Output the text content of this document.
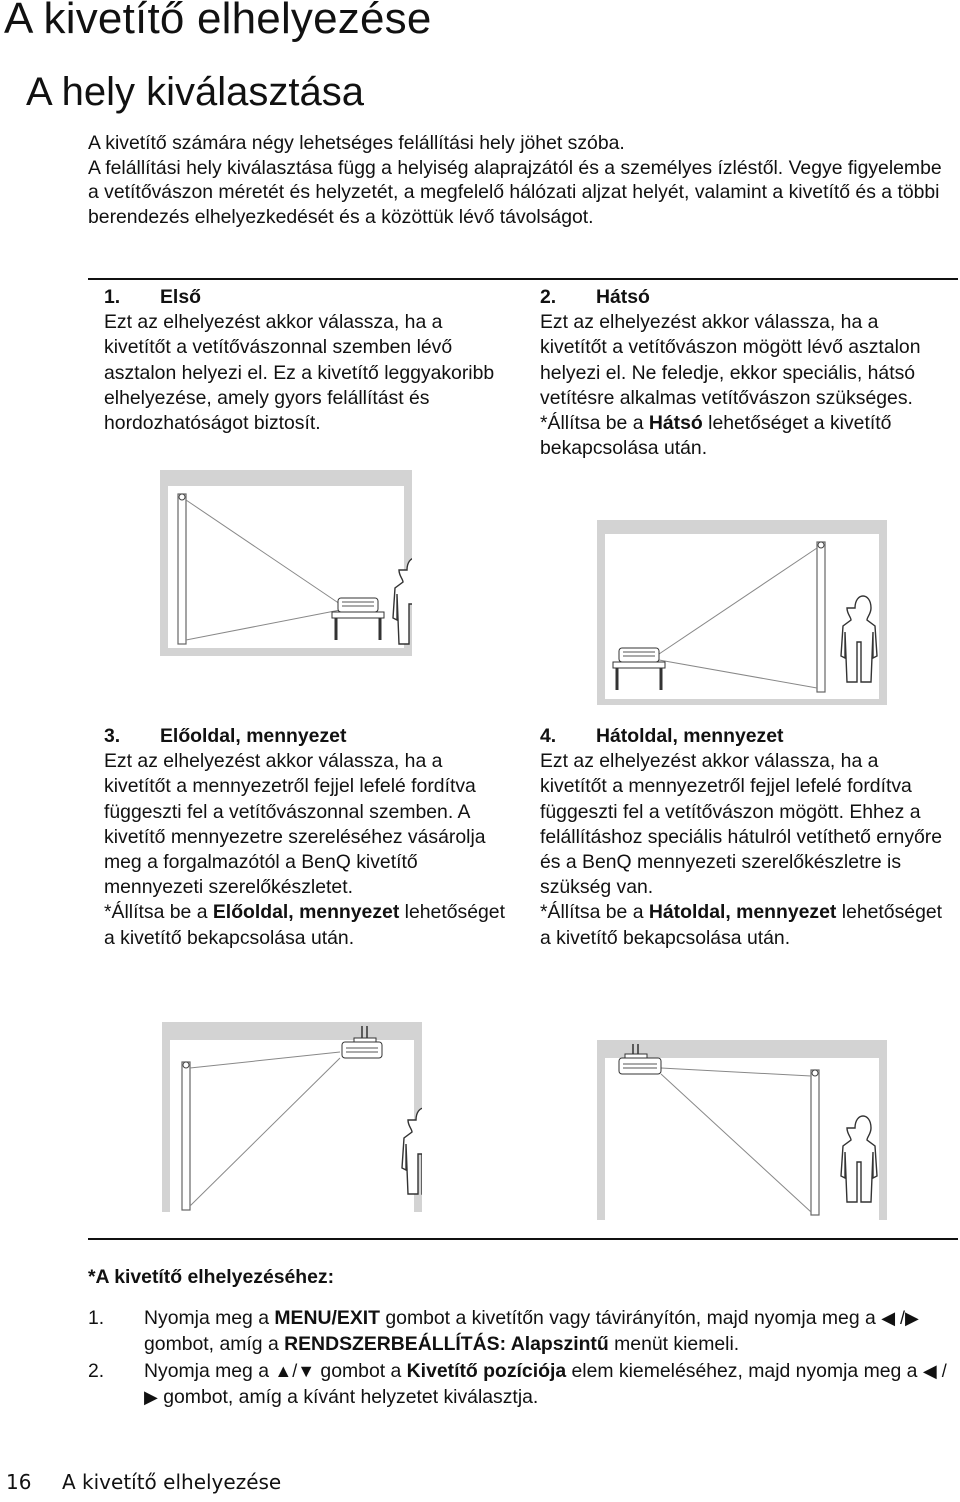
A kivetítő elhelyezése
A hely kiválasztása

A kivetítő számára négy lehetséges felállítási hely jöhet szóba.

A felállítási hely kiválasztása függ a helyiség alaprajzától és a személyes ízléstől. Vegye figyelembe a vetítővászon méretét és helyzetét, a megfelelő hálózati aljzat helyét, valamint a kivetítő és a többi berendezés elhelyezkedését és a közöttük lévő távolságot.

1. Első

Ezt az elhelyezést akkor válassza, ha a kivetítőt a vetítővászonnal szemben lévő asztalon helyezi el. Ez a kivetítő leggyakoribb elhelyezése, amely gyors felállítást és hordozhatóságot biztosít.

2. Hátsó

Ezt az elhelyezést akkor válassza, ha a kivetítőt a vetítővászon mögött lévő asztalon helyezi el. Ne feledje, ekkor speciális, hátsó vetítésre alkalmas vetítővászon szükséges.

*Állítsa be a Hátsó lehetőséget a kivetítő bekapcsolása után.

3. Előoldal, mennyezet

Ezt az elhelyezést akkor válassza, ha a kivetítőt a mennyezetről fejjel lefelé fordítva függeszti fel a vetítővászonnal szemben. A kivetítő mennyezetre szereléséhez vásárolja meg a forgalmazótól a BenQ kivetítő mennyezeti szerelőkészletet.

*Állítsa be a Előoldal, mennyezet lehetőséget a kivetítő bekapcsolása után.

4. Hátoldal, mennyezet

Ezt az elhelyezést akkor válassza, ha a kivetítőt a mennyezetről fejjel lefelé fordítva függeszti fel a vetítővászon mögött. Ehhez a felállításhoz speciális hátulról vetíthető ernyőre és a BenQ mennyezeti szerelőkészletre is szükség van.

*Állítsa be a Hátoldal, mennyezet lehetőséget a kivetítő bekapcsolása után.

*A kivetítő elhelyezéséhez:
1. Nyomja meg a MENU/EXIT gombot a kivetítőn vagy távirányítón, majd nyomja meg a ◀ /▶ gombot, amíg a RENDSZERBEÁLLÍTÁS: Alapszintű menüt kiemeli.
2. Nyomja meg a ▲/▼ gombot a Kivetítő pozíciója elem kiemeléséhez, majd nyomja meg a ◀ /▶ gombot, amíg a kívánt helyzetet kiválasztja.
16 A kivetítő elhelyezése
